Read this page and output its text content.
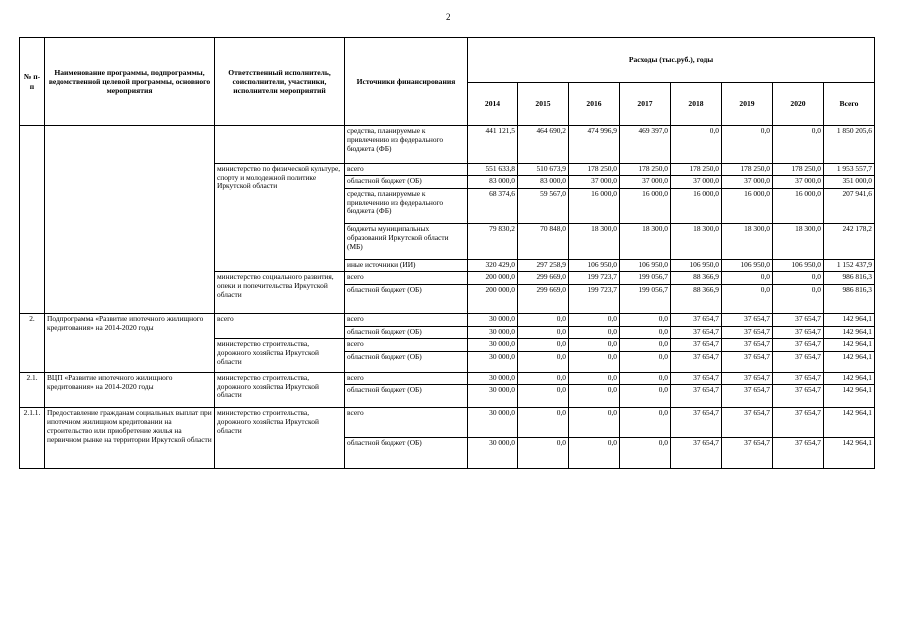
2
№ п-п	Наименование программы, подпрограммы, ведомственной целевой программы, основного мероприятия	Ответственный исполнитель, соисполнители, участники, исполнители мероприятий	Источники финансирования	Расходы (тыс.руб.), годы							
				2014	2015	2016	2017	2018	2019	2020	Всего
			средства, планируемые к привлечению из федерального бюджета (ФБ)	441 121,5	464 690,2	474 996,9	469 397,0	0,0	0,0	0,0	1 850 205,6
		министерство по физической культуре, спорту и молодежной политике Иркутской области	всего	551 633,8	510 673,9	178 250,0	178 250,0	178 250,0	178 250,0	178 250,0	1 953 557,7
			областной бюджет (ОБ)	83 000,0	83 000,0	37 000,0	37 000,0	37 000,0	37 000,0	37 000,0	351 000,0
			средства, планируемые к привлечению из федерального бюджета (ФБ)	68 374,6	59 567,0	16 000,0	16 000,0	16 000,0	16 000,0	16 000,0	207 941,6
			бюджеты муниципальных образований Иркутской области (МБ)	79 830,2	70 848,0	18 300,0	18 300,0	18 300,0	18 300,0	18 300,0	242 178,2
			иные источники (ИИ)	320 429,0	297 258,9	106 950,0	106 950,0	106 950,0	106 950,0	106 950,0	1 152 437,9
		министерство социального развития, опеки и попечительства Иркутской области	всего	200 000,0	299 669,0	199 723,7	199 056,7	88 366,9	0,0	0,0	986 816,3
			областной бюджет (ОБ)	200 000,0	299 669,0	199 723,7	199 056,7	88 366,9	0,0	0,0	986 816,3
2.	Подпрограмма «Развитие ипотечного жилищного кредитования» на 2014-2020 годы	всего	всего	30 000,0	0,0	0,0	0,0	37 654,7	37 654,7	37 654,7	142 964,1
			областной бюджет (ОБ)	30 000,0	0,0	0,0	0,0	37 654,7	37 654,7	37 654,7	142 964,1
		министерство строительства, дорожного хозяйства Иркутской области	всего	30 000,0	0,0	0,0	0,0	37 654,7	37 654,7	37 654,7	142 964,1
			областной бюджет (ОБ)	30 000,0	0,0	0,0	0,0	37 654,7	37 654,7	37 654,7	142 964,1
2.1.	ВЦП «Развитие ипотечного жилищного кредитования» на 2014-2020 годы	министерство строительства, дорожного хозяйства Иркутской области	всего	30 000,0	0,0	0,0	0,0	37 654,7	37 654,7	37 654,7	142 964,1
			областной бюджет (ОБ)	30 000,0	0,0	0,0	0,0	37 654,7	37 654,7	37 654,7	142 964,1
2.1.1.	Предоставление гражданам социальных выплат при ипотечном жилищном кредитовании на строительство или приобретение жилья на первичном рынке на территории Иркутской области	министерство строительства, дорожного хозяйства Иркутской области	всего	30 000,0	0,0	0,0	0,0	37 654,7	37 654,7	37 654,7	142 964,1
			областной бюджет (ОБ)	30 000,0	0,0	0,0	0,0	37 654,7	37 654,7	37 654,7	142 964,1
